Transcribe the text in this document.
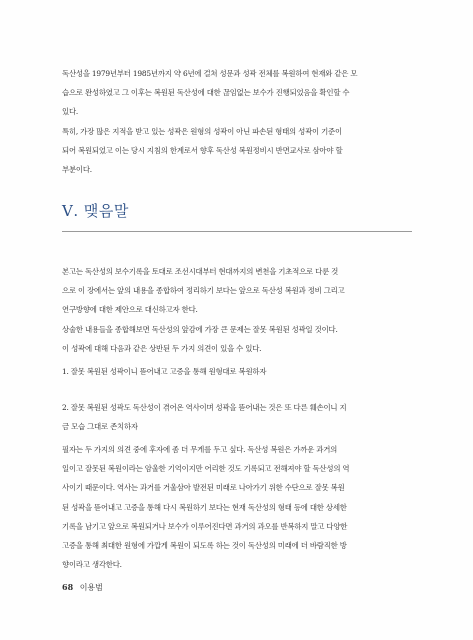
독산성을 1979년부터 1985년까지 약 6년에 걸쳐 성문과 성곽 전체를 복원하여 현재와 같은 모
습으로 완성하였고 그 이후는 복원된 독산성에 대한 끊임없는 보수가 진행되었음을 확인할 수
있다.
특히, 가장 많은 지적을 받고 있는 성곽은 원형의 성곽이 아닌 파손된 형태의 성곽이 기준이
되어 복원되었고 이는 당시 지침의 한계로서 향후 독산성 복원정비시 반면교사로 삼아야 할
부분이다.
Ⅴ. 맺음말
본고는 독산성의 보수기록을 토대로 조선시대부터 현대까지의 변천을 기초적으로 다룬 것
으로 이 장에서는 앞의 내용을 종합하여 정리하기 보다는 앞으로 독산성 복원과 정비 그리고
연구방향에 대한 제안으로 대신하고자 한다.
상술한 내용들을 종합해보면 독산성의 앞감에 가장 큰 문제는 잘못 복원된 성곽일 것이다.
이 성곽에 대해 다음과 같은 상반된 두 가지 의견이 있을 수 있다.
1. 잘못 복원된 성곽이니 뜯어내고 고증을 통해 원형대로 복원하자
2. 잘못 복원된 성곽도 독산성이 겪어온 역사이며 성곽을 뜯어내는 것은 또 다른 훼손이니 지
금 모습 그대로 존치하자
필자는 두 가지의 의견 중에 후자에 좀 더 무게를 두고 싶다. 독산성 복원은 가까운 과거의
일이고 잘못된 복원이라는 암울한 기억이지만 어리한 것도 기록되고 전해져야 할 독산성의 역
사이기 때문이다. 역사는 과거를 거울삼아 발전된 미래로 나아가기 위한 수단으로 잘못 복원
된 성곽을 뜯어내고 고증을 통해 다시 복원하기 보다는 현재 독산성의 형태 등에 대한 상세한
기록을 남기고 앞으로 복원되거나 보수가 이루어진다면 과거의 과오를 반복하지 말고 다양한
고증을 통해 최대한 원형에 가깝게 복원이 되도록 하는 것이 독산성의 미래에 더 바람직한 방
향이라고 생각한다.
68 이용범
